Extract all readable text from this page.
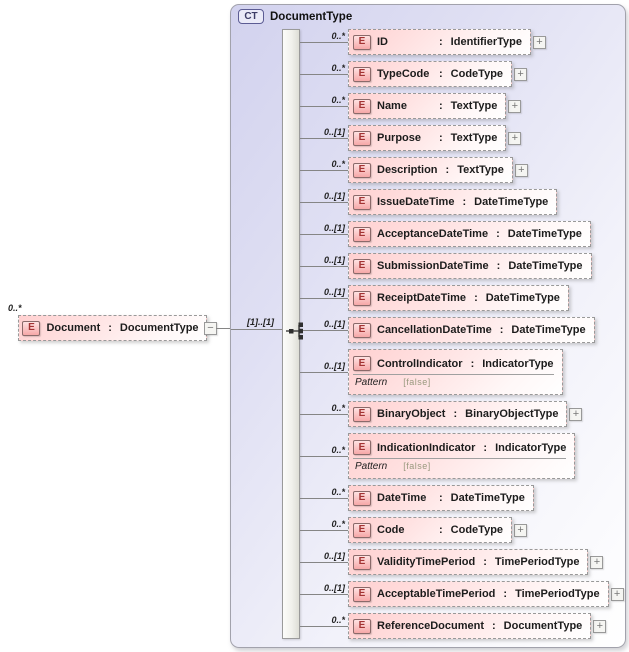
0..*
E	Document : DocumentType −
CT	DocumentType
[1]..[1]
0..*	E	ID	: IdentifierType +
0..*	E	TypeCode : CodeType +
0..*	E	Name	: TextType +
0..[1]	E	Purpose	: TextType +
0..*	E	Description : TextType +
0..[1]	E	IssueDateTime : DateTimeType
0..[1]	E	AcceptanceDateTime : DateTimeType
0..[1]	E	SubmissionDateTime : DateTimeType
0..[1]	E	ReceiptDateTime : DateTimeType
0..[1]	E	CancellationDateTime : DateTimeType
0..[1]	E	ControlIndicator : IndicatorType
Pattern [false]
0..*	E	BinaryObject : BinaryObjectType +
0..*	E	IndicationIndicator : IndicatorType
Pattern [false]
0..*	E	DateTime	: DateTimeType
0..*	E	Code	: CodeType +
0..[1]	E	ValidityTimePeriod : TimePeriodType +
0..[1]	E	AcceptableTimePeriod : TimePeriodType +
0..*	E	ReferenceDocument : DocumentType +
